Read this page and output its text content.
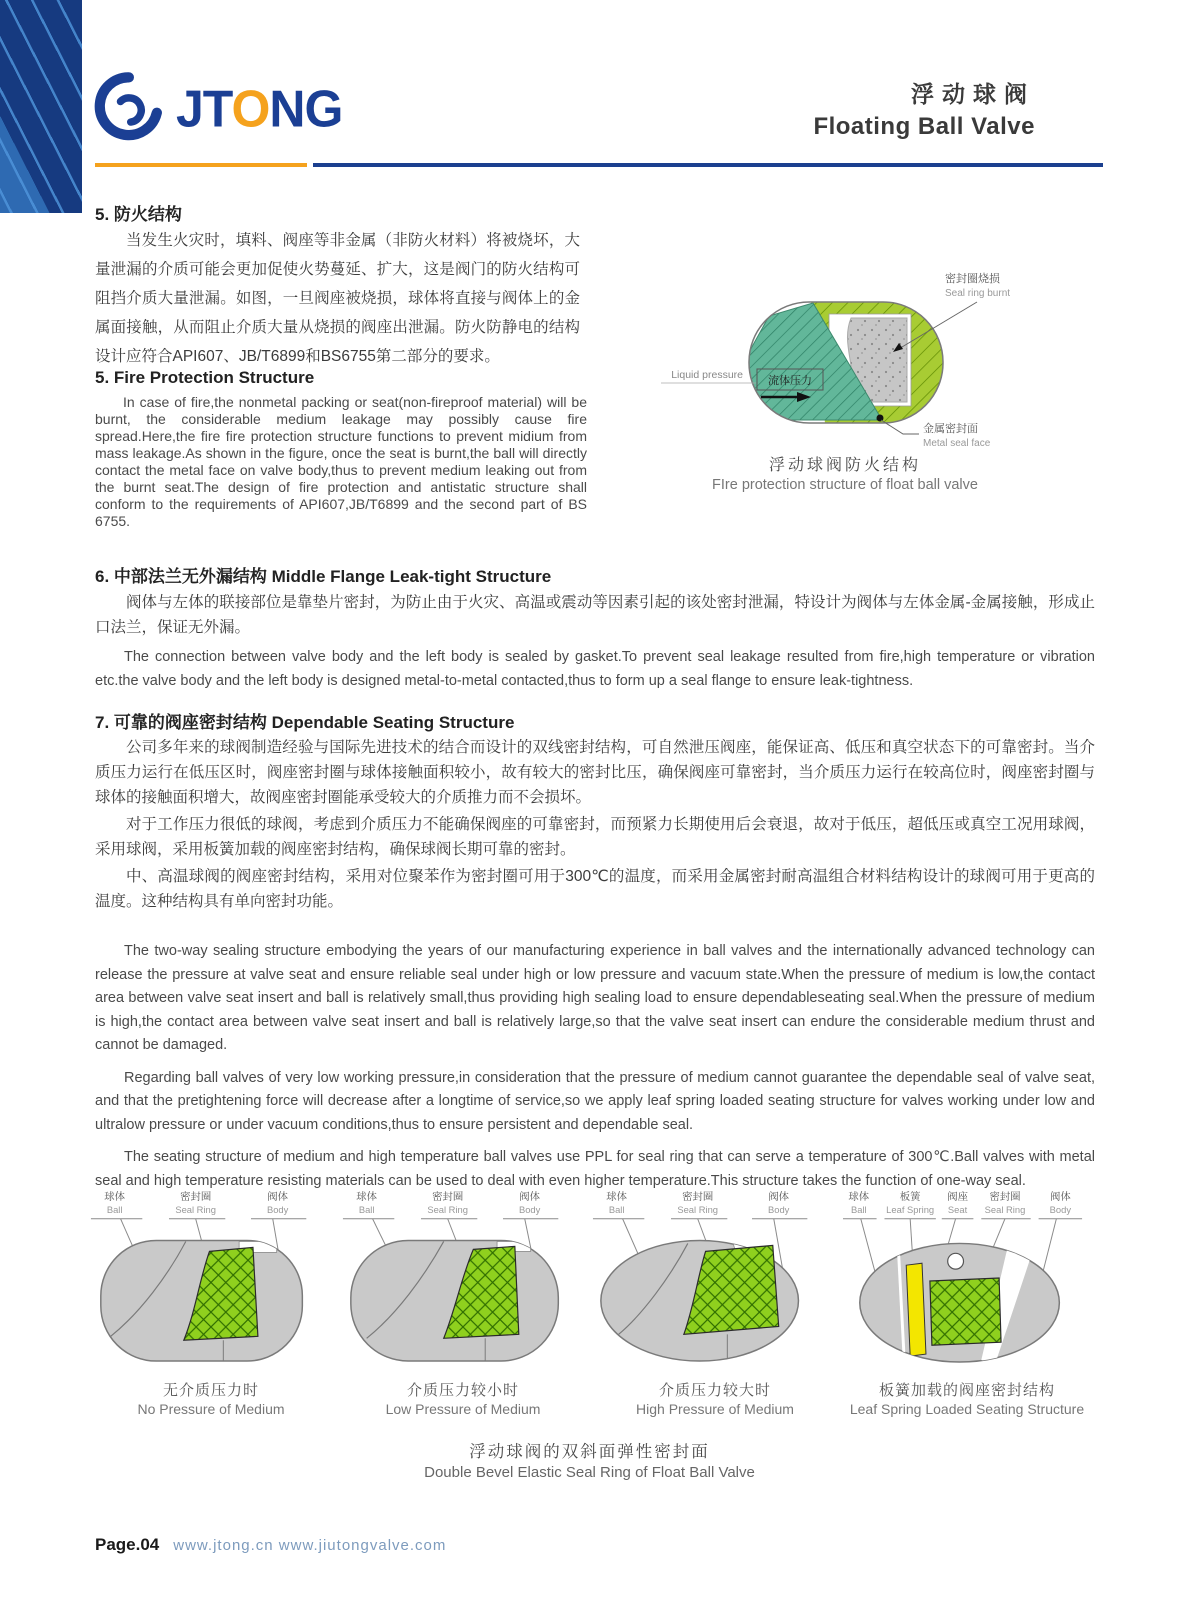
JTONG	浮动球阀
Floating Ball Valve
5. 防火结构
当发生火灾时，填料、阀座等非金属（非防火材料）将被烧坏，大量泄漏的介质可能会更加促使火势蔓延、扩大，这是阀门的防火结构可阻挡介质大量泄漏。如图，一旦阀座被烧损，球体将直接与阀体上的金属面接触，从而阻止介质大量从烧损的阀座出泄漏。防火防静电的结构设计应符合API607、JB/T6899和BS6755第二部分的要求。
流体压力
Liquid pressure
密封圈烧损
Seal ring burnt
金属密封面
Metal seal face
浮动球阀防火结构
FIre protection structure of float ball valve
5. Fire Protection Structure
In case of fire,the nonmetal packing or seat(non-fireproof material) will be burnt, the considerable medium leakage may possibly cause fire spread.Here,the fire fire protection structure functions to prevent midium from mass leakage.As shown in the figure, once the seat is burnt,the ball will directly contact the metal face on valve body,thus to prevent medium leaking out from the burnt seat.The design of fire protection and antistatic structure shall conform to the requirements of API607,JB/T6899 and the second part of BS 6755.
6. 中部法兰无外漏结构 Middle Flange Leak-tight Structure
阀体与左体的联接部位是靠垫片密封，为防止由于火灾、高温或震动等因素引起的该处密封泄漏，特设计为阀体与左体金属-金属接触，形成止口法兰，保证无外漏。
The connection between valve body and the left body is sealed by gasket.To prevent seal leakage resulted from fire,high temperature or vibration etc.the valve body and the left body is designed metal-to-metal contacted,thus to form up a seal flange to ensure leak-tightness.
7. 可靠的阀座密封结构 Dependable Seating Structure

公司多年来的球阀制造经验与国际先进技术的结合而设计的双线密封结构，可自然泄压阀座，能保证高、低压和真空状态下的可靠密封。当介质压力运行在低压区时，阀座密封圈与球体接触面积较小，故有较大的密封比压，确保阀座可靠密封，当介质压力运行在较高位时，阀座密封圈与球体的接触面积增大，故阀座密封圈能承受较大的介质推力而不会损坏。

对于工作压力很低的球阀，考虑到介质压力不能确保阀座的可靠密封，而预紧力长期使用后会衰退，故对于低压，超低压或真空工况用球阀，采用球阀，采用板簧加载的阀座密封结构，确保球阀长期可靠的密封。

中、高温球阀的阀座密封结构，采用对位聚苯作为密封圈可用于300℃的温度，而采用金属密封耐高温组合材料结构设计的球阀可用于更高的温度。这种结构具有单向密封功能。

The two-way sealing structure embodying the years of our manufacturing experience in ball valves and the internationally advanced technology can release the pressure at valve seat and ensure reliable seal under high or low pressure and vacuum state.When the pressure of medium is low,the contact area between valve seat insert and ball is relatively small,thus providing high sealing load to ensure dependableseating seal.When the pressure of medium is high,the contact area between valve seat insert and ball is relatively large,so that the valve seat insert can endure the considerable medium thrust and cannot be damaged.

Regarding ball valves of very low working pressure,in consideration that the pressure of medium cannot guarantee the dependable seal of valve seat, and that the pretightening force will decrease after a longtime of service,so we apply leaf spring loaded seating structure for valves working under low and ultralow pressure or under vacuum conditions,thus to ensure persistent and dependable seal.

The seating structure of medium and high temperature ball valves use PPL for seal ring that can serve a temperature of 300℃.Ball valves with metal seal and high temperature resisting materials can be used to deal with even higher temperature.This structure takes the function of one-way seal.

球体
Ball
密封圈
Seal Ring
阀体
Body
无介质压力时
No Pressure of Medium
球体
Ball
密封圈
Seal Ring
阀体
Body
介质压力较小时
Low Pressure of Medium
球体
Ball
密封圈
Seal Ring
阀体
Body
介质压力较大时
High Pressure of Medium
球体
Ball
板簧
Leaf Spring
阀座
Seat
密封圈
Seal Ring
阀体
Body
板簧加载的阀座密封结构
Leaf Spring Loaded Seating Structure
浮动球阀的双斜面弹性密封面
Double Bevel Elastic Seal Ring of Float Ball Valve
Page.04 www.jtong.cn www.jiutongvalve.com
